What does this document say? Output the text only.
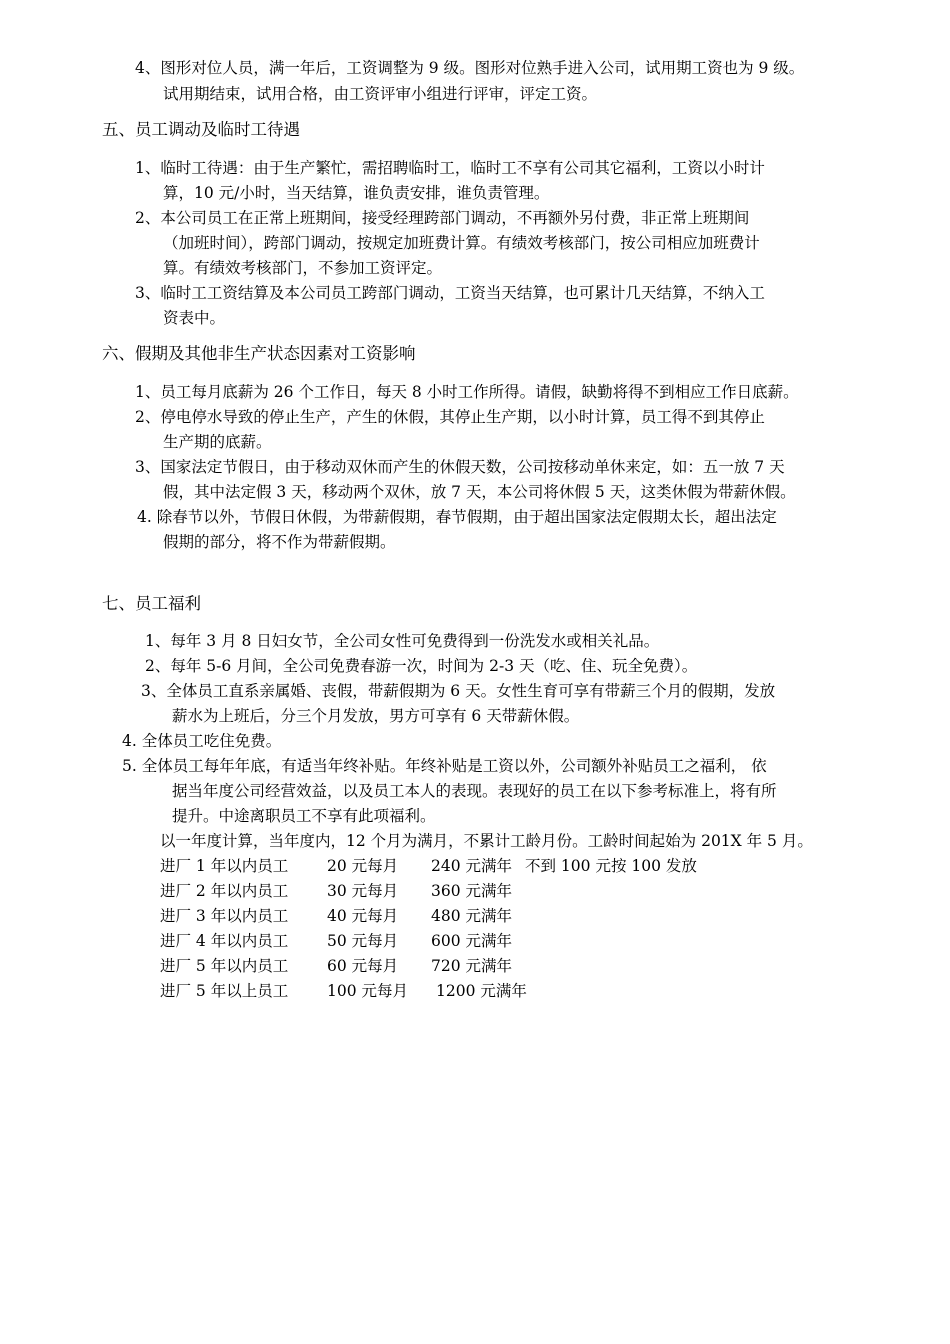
4、图形对位人员，满一年后，工资调整为 9 级。图形对位熟手进入公司，试用期工资也为 9 级。
试用期结束，试用合格，由工资评审小组进行评审，评定工资。
五、员工调动及临时工待遇
1、临时工待遇：由于生产繁忙，需招聘临时工，临时工不享有公司其它福利，工资以小时计
算，10 元/小时，当天结算，谁负责安排，谁负责管理。
2、本公司员工在正常上班期间，接受经理跨部门调动，不再额外另付费，非正常上班期间
（加班时间），跨部门调动，按规定加班费计算。有绩效考核部门，按公司相应加班费计
算。有绩效考核部门，不参加工资评定。
3、临时工工资结算及本公司员工跨部门调动，工资当天结算，也可累计几天结算，不纳入工
资表中。
六、假期及其他非生产状态因素对工资影响
1、员工每月底薪为 26 个工作日，每天 8 小时工作所得。请假，缺勤将得不到相应工作日底薪。
2、停电停水导致的停止生产，产生的休假，其停止生产期，以小时计算，员工得不到其停止
生产期的底薪。
3、国家法定节假日，由于移动双休而产生的休假天数，公司按移动单休来定，如：五一放 7 天
假，其中法定假 3 天，移动两个双休，放 7 天，本公司将休假 5 天，这类休假为带薪休假。
4. 除春节以外，节假日休假，为带薪假期，春节假期，由于超出国家法定假期太长，超出法定
假期的部分，将不作为带薪假期。
七、员工福利
1、每年 3 月 8 日妇女节，全公司女性可免费得到一份洗发水或相关礼品。
2、每年 5-6 月间，全公司免费春游一次，时间为 2-3 天（吃、住、玩全免费）。
3、全体员工直系亲属婚、丧假，带薪假期为 6 天。女性生育可享有带薪三个月的假期，发放
薪水为上班后，分三个月发放，男方可享有 6 天带薪休假。
4. 全体员工吃住免费。
5. 全体员工每年年底，有适当年终补贴。年终补贴是工资以外，公司额外补贴员工之福利， 依
据当年度公司经营效益，以及员工本人的表现。表现好的员工在以下参考标准上，将有所
提升。中途离职员工不享有此项福利。
以一年度计算，当年度内，12 个月为满月，不累计工龄月份。工龄时间起始为 201X 年 5 月。
进厂 1 年以内员工	20 元每月 240 元满年 不到 100 元按 100 发放
进厂 2 年以内员工	30 元每月 360 元满年
进厂 3 年以内员工	40 元每月 480 元满年
进厂 4 年以内员工	50 元每月 600 元满年
进厂 5 年以内员工	60 元每月 720 元满年
进厂 5 年以上员工	100 元每月 1200 元满年
